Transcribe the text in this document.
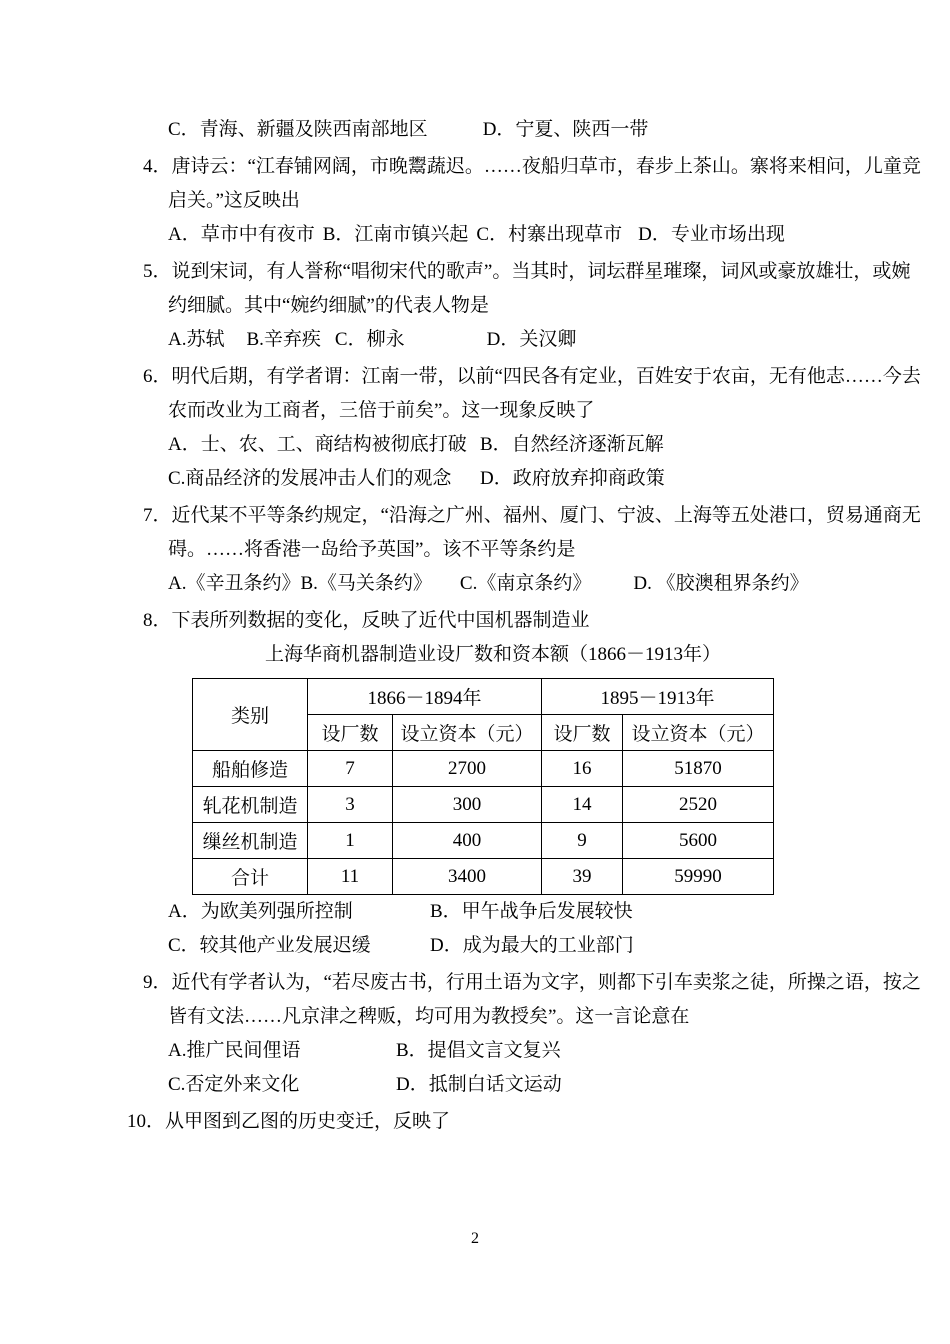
C．青海、新疆及陕西南部地区	D．宁夏、陕西一带
4．唐诗云：“江春铺网阔，市晚鬻蔬迟。……夜船归草市，春步上茶山。寨将来相问，儿童竞
启关。”这反映出
A．草市中有夜市 B．江南市镇兴起 C．村寨出现草市 D．专业市场出现
5．说到宋词，有人誉称“唱彻宋代的歌声”。当其时，词坛群星璀璨，词风或豪放雄壮，或婉
约细腻。其中“婉约细腻”的代表人物是
A.苏轼 B.辛弃疾 C．柳永	D．关汉卿
6．明代后期，有学者谓：江南一带，以前“四民各有定业，百姓安于农亩，无有他志……今去
农而改业为工商者，三倍于前矣”。这一现象反映了
A．士、农、工、商结构被彻底打破 B．自然经济逐渐瓦解
C.商品经济的发展冲击人们的观念 D．政府放弃抑商政策
7．近代某不平等条约规定，“沿海之广州、福州、厦门、宁波、上海等五处港口，贸易通商无
碍。……将香港一岛给予英国”。该不平等条约是
A.《辛丑条约》B.《马关条约》 C.《南京条约》 D. 《胶澳租界条约》
8．下表所列数据的变化，反映了近代中国机器制造业
上海华商机器制造业设厂数和资本额（1866－1913年）
类别	1866－1894年		1895－1913年	
	设厂数	设立资本（元）	设厂数	设立资本（元）
船舶修造	7	2700	16	51870
轧花机制造	3	300	14	2520
缫丝机制造	1	400	9	5600
合计	11	3400	39	59990
A．为欧美列强所控制	B．甲午战争后发展较快
C．较其他产业发展迟缓	D．成为最大的工业部门
9．近代有学者认为，“若尽废古书，行用土语为文字，则都下引车卖浆之徒，所操之语，按之
皆有文法……凡京津之稗贩，均可用为教授矣”。这一言论意在
A.推广民间俚语	B．提倡文言文复兴
C.否定外来文化	D．抵制白话文运动
10．从甲图到乙图的历史变迁，反映了
2
